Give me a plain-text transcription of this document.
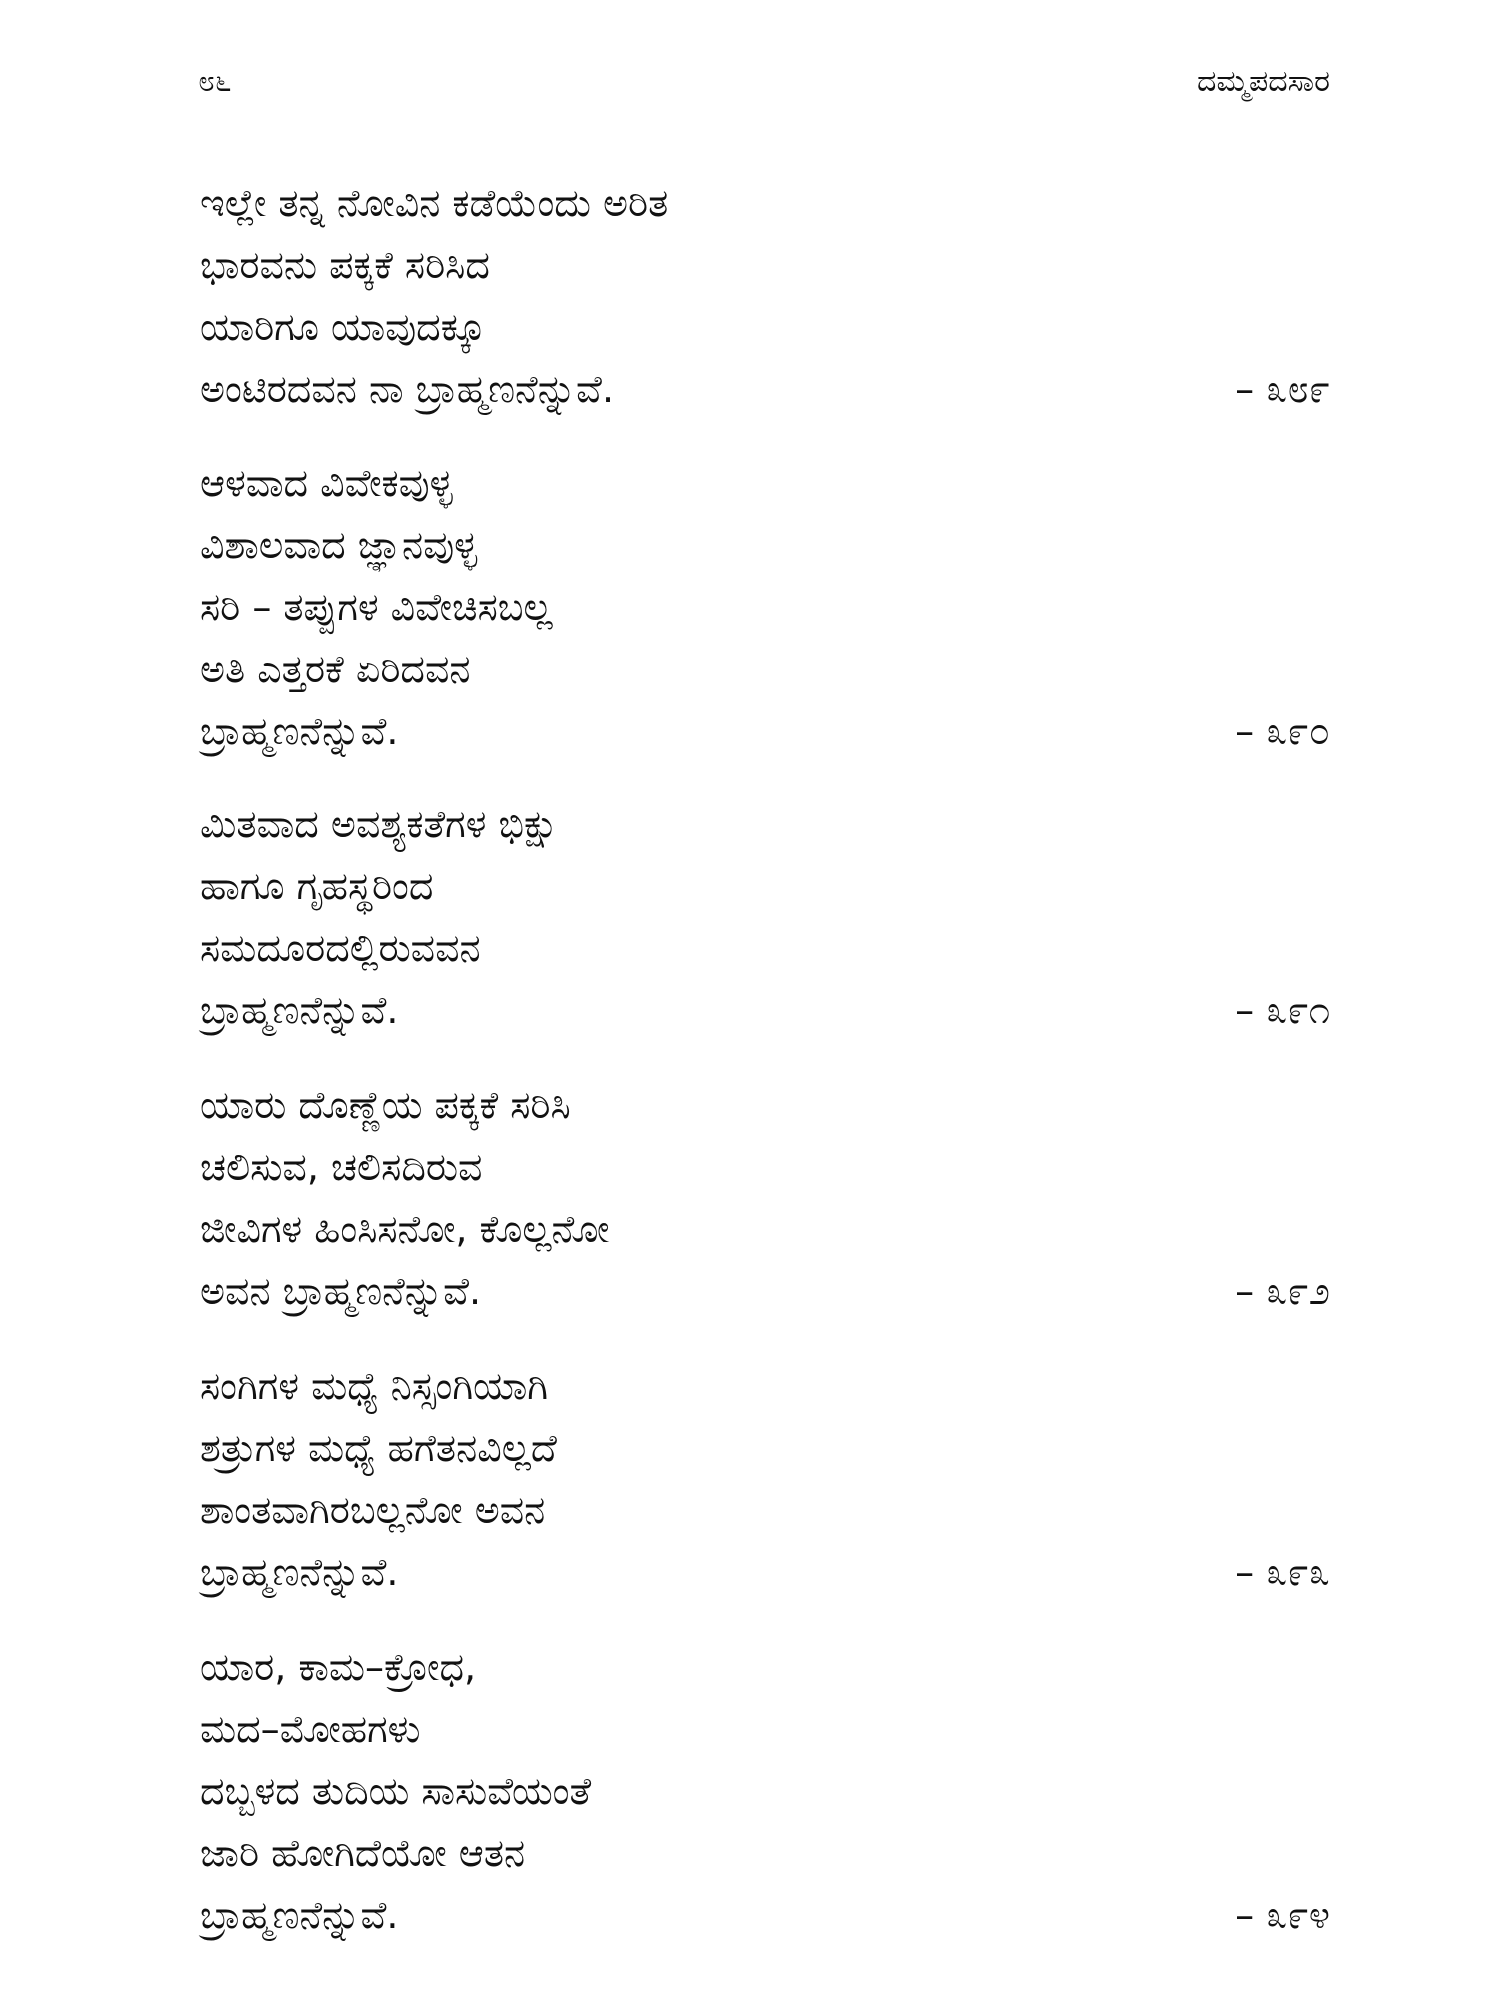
೮೬	ದಮ್ಮಪದಸಾರ
ಇಲ್ಲೇ ತನ್ನ ನೋವಿನ ಕಡೆಯೆಂದು ಅರಿತ
ಭಾರವನು ಪಕ್ಕಕೆ ಸರಿಸಿದ
ಯಾರಿಗೂ ಯಾವುದಕ್ಕೂ
ಅಂಟಿರದವನ ನಾ ಬ್ರಾಹ್ಮಣನೆನ್ನುವೆ.	– ೩೮೯
ಆಳವಾದ ವಿವೇಕವುಳ್ಳ
ವಿಶಾಲವಾದ ಜ್ಞಾನವುಳ್ಳ
ಸರಿ – ತಪ್ಪುಗಳ ವಿವೇಚಿಸಬಲ್ಲ
ಅತಿ ಎತ್ತರಕೆ ಏರಿದವನ
ಬ್ರಾಹ್ಮಣನೆನ್ನುವೆ.	– ೩೯೦
ಮಿತವಾದ ಅವಶ್ಯಕತೆಗಳ ಭಿಕ್ಷು
ಹಾಗೂ ಗೃಹಸ್ಥರಿಂದ
ಸಮದೂರದಲ್ಲಿರುವವನ
ಬ್ರಾಹ್ಮಣನೆನ್ನುವೆ.	– ೩೯೧
ಯಾರು ದೊಣ್ಣೆಯ ಪಕ್ಕಕೆ ಸರಿಸಿ
ಚಲಿಸುವ, ಚಲಿಸದಿರುವ
ಜೀವಿಗಳ ಹಿಂಸಿಸನೋ, ಕೊಲ್ಲನೋ
ಅವನ ಬ್ರಾಹ್ಮಣನೆನ್ನುವೆ.	– ೩೯೨
ಸಂಗಿಗಳ ಮಧ್ಯೆ ನಿಸ್ಸಂಗಿಯಾಗಿ
ಶತ್ರುಗಳ ಮಧ್ಯೆ ಹಗೆತನವಿಲ್ಲದೆ
ಶಾಂತವಾಗಿರಬಲ್ಲನೋ ಅವನ
ಬ್ರಾಹ್ಮಣನೆನ್ನುವೆ.	– ೩೯೩
ಯಾರ, ಕಾಮ–ಕ್ರೋಧ,
ಮದ–ಮೋಹಗಳು
ದಬ್ಬಳದ ತುದಿಯ ಸಾಸುವೆಯಂತೆ
ಜಾರಿ ಹೋಗಿದೆಯೋ ಆತನ
ಬ್ರಾಹ್ಮಣನೆನ್ನುವೆ.	– ೩೯೪
